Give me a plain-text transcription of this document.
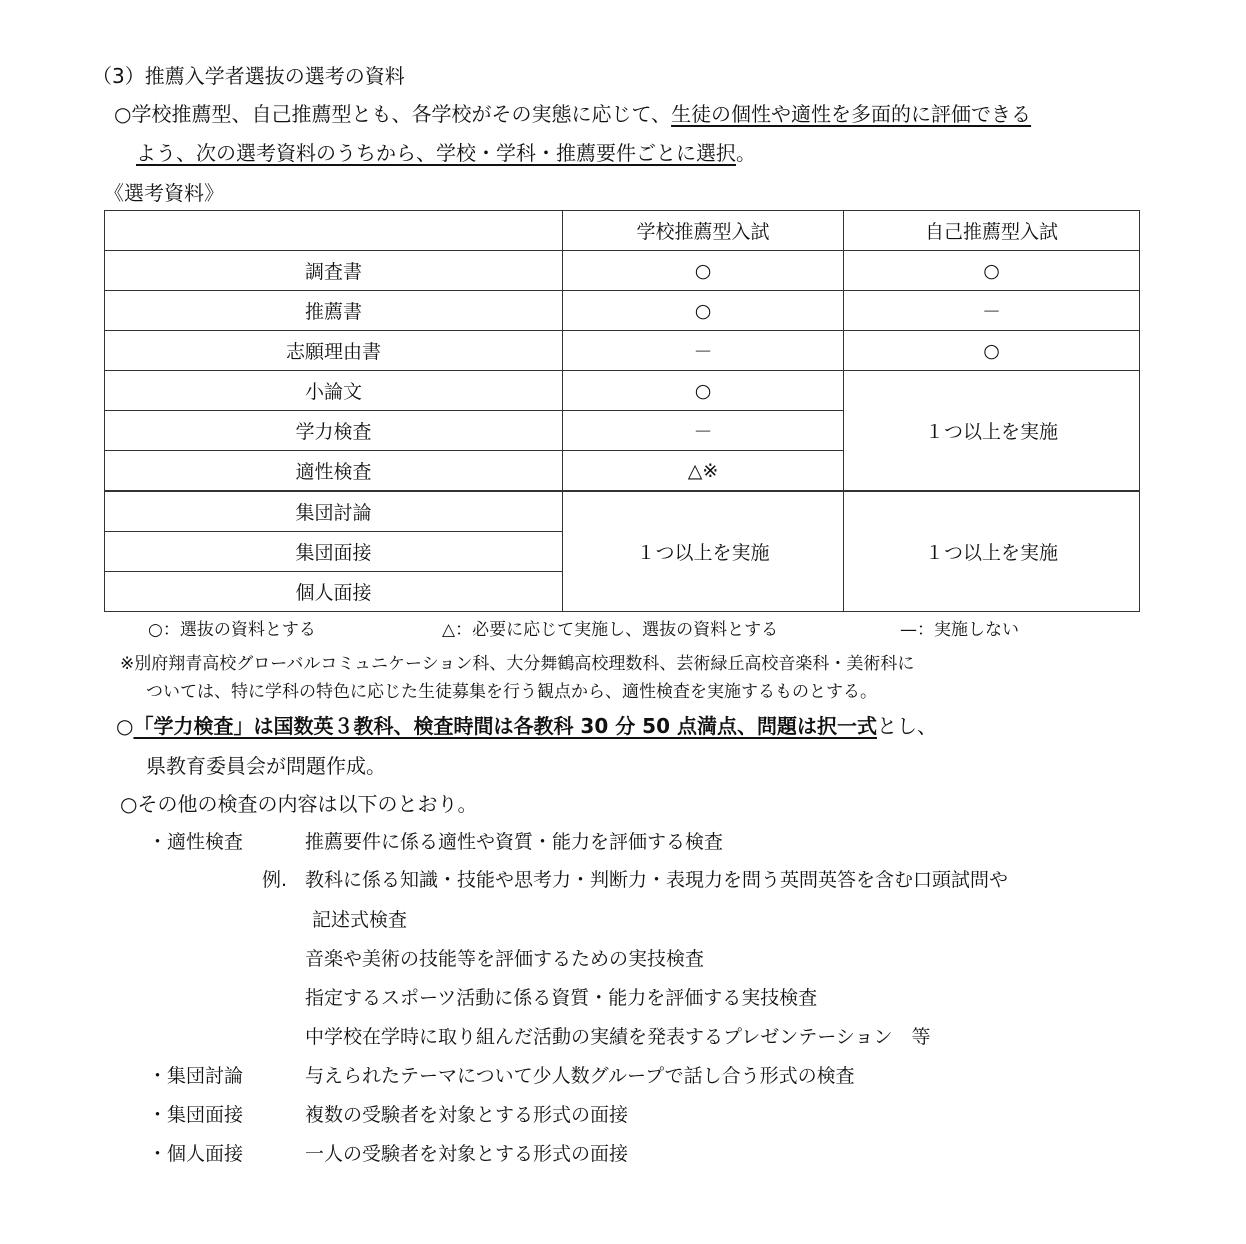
（3）推薦入学者選抜の選考の資料
○学校推薦型、自己推薦型とも、各学校がその実態に応じて、生徒の個性や適性を多面的に評価できる
よう、次の選考資料のうちから、学校・学科・推薦要件ごとに選択。
《選考資料》
	学校推薦型入試	自己推薦型入試
調査書	○	○
推薦書	○	－
志願理由書	－	○
小論文	○	１つ以上を実施
学力検査	－	
適性検査	△※	
集団討論	１つ以上を実施	１つ以上を実施
集団面接		
個人面接		
○：選抜の資料とする	△：必要に応じて実施し、選抜の資料とする	—：実施しない
※別府翔青高校グローバルコミュニケーション科、大分舞鶴高校理数科、芸術緑丘高校音楽科・美術科に
ついては、特に学科の特色に応じた生徒募集を行う観点から、適性検査を実施するものとする。
○「学力検査」は国数英３教科、検査時間は各教科 30 分 50 点満点、問題は択一式とし、
県教育委員会が問題作成。
○その他の検査の内容は以下のとおり。
・適性検査	推薦要件に係る適性や資質・能力を評価する検査
例. 教科に係る知識・技能や思考力・判断力・表現力を問う英問英答を含む口頭試問や
記述式検査
音楽や美術の技能等を評価するための実技検査
指定するスポーツ活動に係る資質・能力を評価する実技検査
中学校在学時に取り組んだ活動の実績を発表するプレゼンテーション　等
・集団討論	与えられたテーマについて少人数グループで話し合う形式の検査
・集団面接	複数の受験者を対象とする形式の面接
・個人面接	一人の受験者を対象とする形式の面接
